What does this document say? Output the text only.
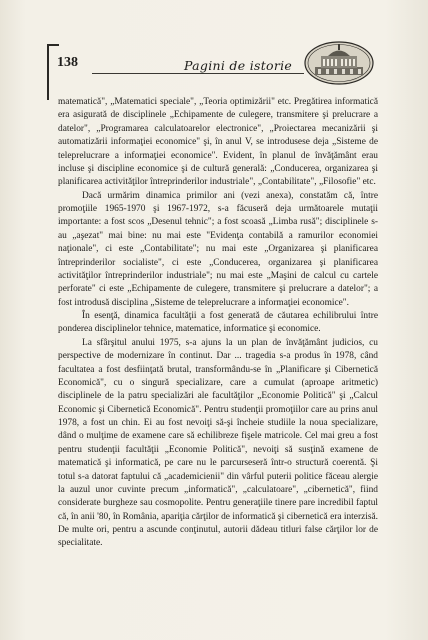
138	Pagini de istorie

matematică", „Matematici speciale", „Teoria optimizării" etc. Pregătirea informatică era asigurată de disciplinele „Echipamente de culegere, transmitere şi prelucrare a datelor", „Programarea calculatoarelor electronice", „Proiectarea mecanizării şi automatizării informaţiei economice" şi, în anul V, se introdusese deja „Sisteme de teleprelucrare a informaţiei economice". Evident, în planul de învăţământ erau incluse şi discipline economice şi de cultură generală: „Conducerea, organizarea şi planificarea activităţilor întreprinderilor industriale", „Contabilitate", „Filosofie" etc.

Dacă urmărim dinamica primilor ani (vezi anexa), constatăm că, între promoţiile 1965-1970 şi 1967-1972, s-a făcuseră deja următoarele mutaţii importante: a fost scos „Desenul tehnic"; a fost scoasă „Limba rusă"; disciplinele s-au „aşezat" mai bine: nu mai este "Evidenţa contabilă a ramurilor economiei naţionale", ci este „Contabilitate"; nu mai este „Organizarea şi planificarea întreprinderilor socialiste", ci este „Conducerea, organizarea şi planificarea activităţilor întreprinderilor industriale"; nu mai este „Maşini de calcul cu cartele perforate" ci este „Echipamente de culegere, transmitere şi prelucrare a datelor"; a fost introdusă disciplina „Sisteme de teleprelucrare a informaţiei economice".

În esenţă, dinamica facultăţii a fost generată de căutarea echilibrului între ponderea disciplinelor tehnice, matematice, informatice şi economice.

La sfârşitul anului 1975, s-a ajuns la un plan de învăţământ judicios, cu perspective de modernizare în continut. Dar ... tragedia s-a produs în 1978, când facultatea a fost desfiinţată brutal, transformându-se în „Planificare şi Cibernetică Economică", cu o singură specializare, care a cumulat (aproape aritmetic) disciplinele de la patru specializări ale facultăţilor „Economie Politică" şi „Calcul Economic şi Cibernetică Economică". Pentru studenţii promoţiilor care au prins anul 1978, a fost un chin. Ei au fost nevoiţi să-şi încheie studiile la noua specializare, dând o mulţime de examene care să echilibreze fişele matricole. Cel mai greu a fost pentru studenţii facultăţii „Economie Politică", nevoiţi să susţină examene de matematică şi informatică, pe care nu le parcurseseră într-o structură coerentă. Şi totul s-a datorat faptului că „academicienii" din vârful puterii politice făceau alergie la auzul unor cuvinte precum „informatică", „calculatoare", „cibernetică", fiind considerate burgheze sau cosmopolite. Pentru generaţiile tinere pare incredibil faptul că, în anii '80, în România, apariţia cărţilor de informatică şi cibernetică era interzisă. De multe ori, pentru a ascunde conţinutul, autorii dădeau titluri false cărţilor lor de specialitate.
